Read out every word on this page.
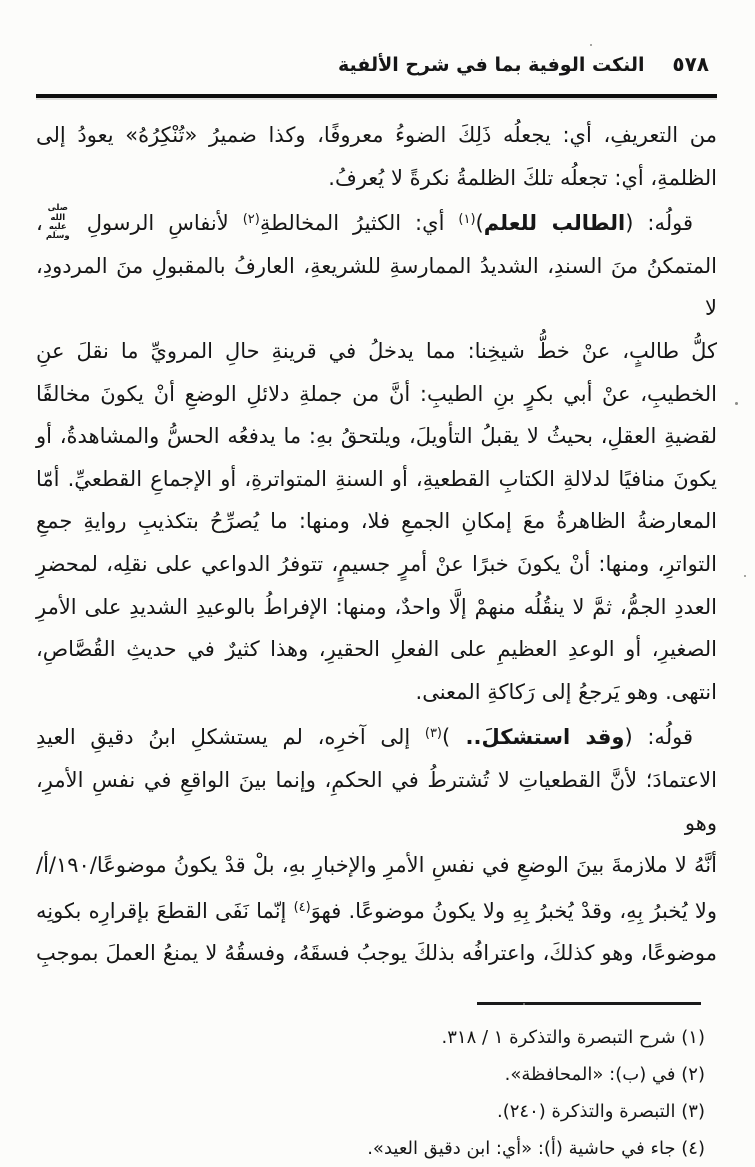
٥٧٨
النكت الوفية بما في شرح الألفية
من التعريفِ، أي: يجعلُه ذَلِكَ الضوءُ معروفًا، وكذا ضميرُ «تُنْكِرُهُ» يعودُ إلى
الظلمةِ، أي: تجعلُه تلكَ الظلمةُ نكرةً لا يُعرفُ.
قولُه: (الطالب للعلم)$^{(١)}$ أي: الكثيرُ المخالطةِ$^{(٢)}$ لأنفاسِ الرسولِ صلى الله عليه وسلم،
المتمكنُ منَ السندِ، الشديدُ الممارسةِ للشريعةِ، العارفُ بالمقبولِ منَ المردودِ، لا
كلُّ طالبٍ، عنْ خطُّ شيخِنا: مما يدخلُ في قرينةِ حالِ المرويِّ ما نقلَ عنِ
الخطيبِ، عنْ أبي بكرٍ بنِ الطيبِ: أنَّ من جملةِ دلائلِ الوضعِ أنْ يكونَ مخالفًا
لقضيةِ العقلِ، بحيثُ لا يقبلُ التأويلَ، ويلتحقُ بهِ: ما يدفعُه الحسُّ والمشاهدةُ، أو
يكونَ منافيًا لدلالةِ الكتابِ القطعيةِ، أو السنةِ المتواترةِ، أو الإجماعِ القطعيِّ. أمّا
المعارضةُ الظاهرةُ معَ إمكانِ الجمعِ فلا، ومنها: ما يُصرِّحُ بتكذيبِ روايةِ جمعِ
التواترِ، ومنها: أنْ يكونَ خبرًا عنْ أمرٍ جسيمٍ، تتوفرُ الدواعي على نقلِه، لمحضرِ
العددِ الجمُّ، ثمَّ لا ينقُلُه منهمْ إلَّا واحدٌ، ومنها: الإفراطُ بالوعيدِ الشديدِ على الأمرِ
الصغيرِ، أو الوعدِ العظيمِ على الفعلِ الحقيرِ، وهذا كثيرٌ في حديثِ القُصَّاصِ،
انتهى. وهو يَرجعُ إلى رَكاكةِ المعنى.
قولُه: (وقد استشكلَ.. )$^{(٣)}$ إلى آخرِه، لم يستشكلِ ابنُ دقيقِ العيدِ
الاعتمادَ؛ لأنَّ القطعياتِ لا تُشترطُ في الحكمِ، وإنما بينَ الواقعِ في نفسِ الأمرِ، وهو
أنَّهُ لا ملازمةَ بينَ الوضعِ في نفسِ الأمرِ والإخبارِ بهِ، بلْ قدْ يكونُ موضوعًا/١٩٠/أ/
ولا يُخبرُ بِهِ، وقدْ يُخبرُ بِهِ ولا يكونُ موضوعًا. فهوَ$^{(٤)}$ إنّما نَفَى القطعَ بإقرارِه بكونِه
موضوعًا، وهو كذلكَ، واعترافُه بذلكَ يوجبُ فسقَهُ، وفسقُهُ لا يمنعُ العملَ بموجبِ
(١) شرح التبصرة والتذكرة ١ / ٣١٨.
(٢) في (ب): «المحافظة».
(٣) التبصرة والتذكرة (٢٤٠).
(٤) جاء في حاشية (أ): «أي: ابن دقيق العيد».
